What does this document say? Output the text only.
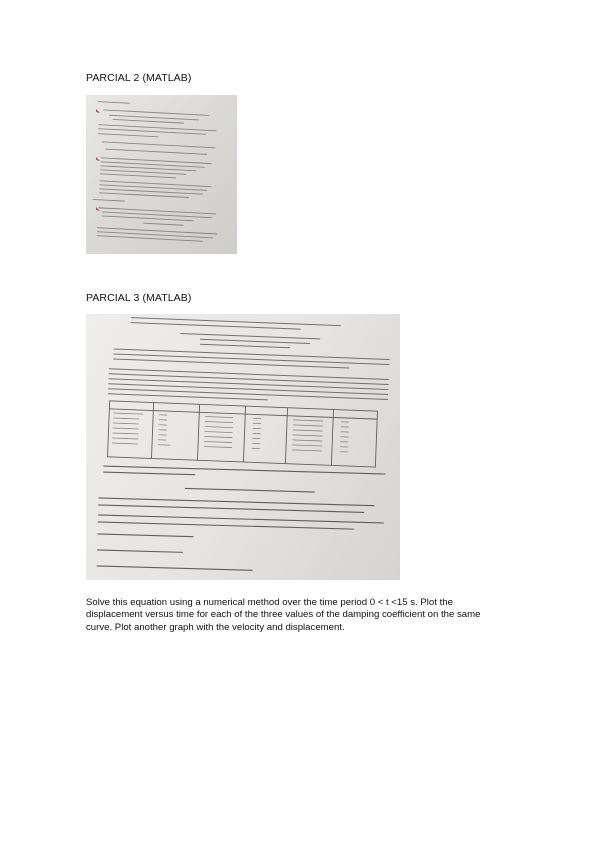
PARCIAL 2 (MATLAB)
PARCIAL 3 (MATLAB)
Solve this equation using a numerical method over the time period 0 < t <15 s. Plot the displacement versus time for each of the three values of the damping coefficient on the same curve. Plot another graph with the velocity and displacement.
